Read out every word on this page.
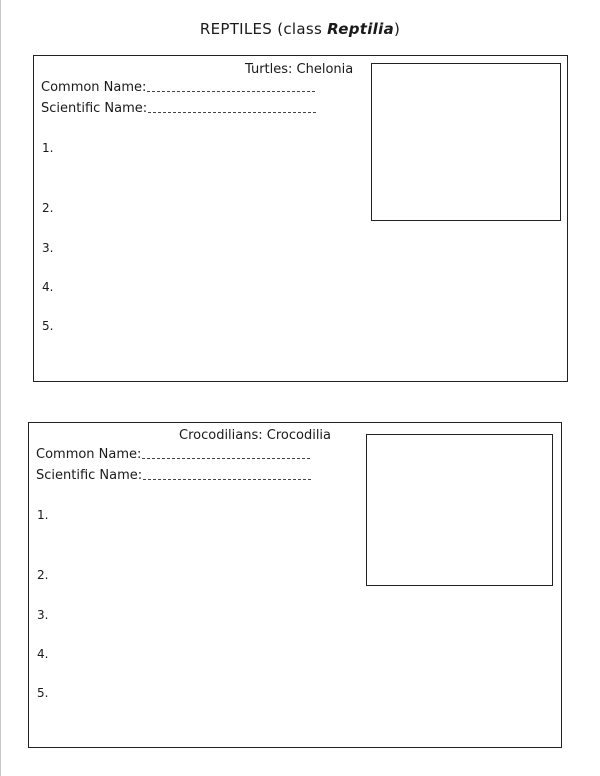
REPTILES (class Reptilia)
Turtles: Chelonia
Common Name:
Scientific Name:
1.
2.
3.
4.
5.
Crocodilians: Crocodilia
Common Name:
Scientific Name:
1.
2.
3.
4.
5.
